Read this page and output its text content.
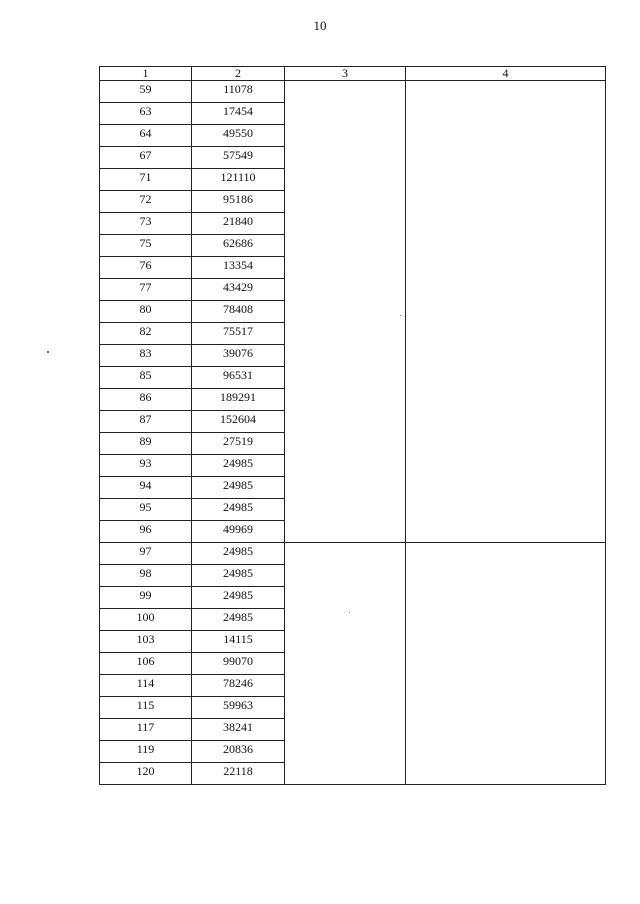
10
1	2	3	4
59	11078		
63	17454		
64	49550		
67	57549		
71	121110		
72	95186		
73	21840		
75	62686		
76	13354		
77	43429		
80	78408		
82	75517		
83	39076		
85	96531		
86	189291		
87	152604		
89	27519		
93	24985		
94	24985		
95	24985		
96	49969		
97	24985		
98	24985		
99	24985		
100	24985		
103	14115		
106	99070		
114	78246		
115	59963		
117	38241		
119	20836		
120	22118		
